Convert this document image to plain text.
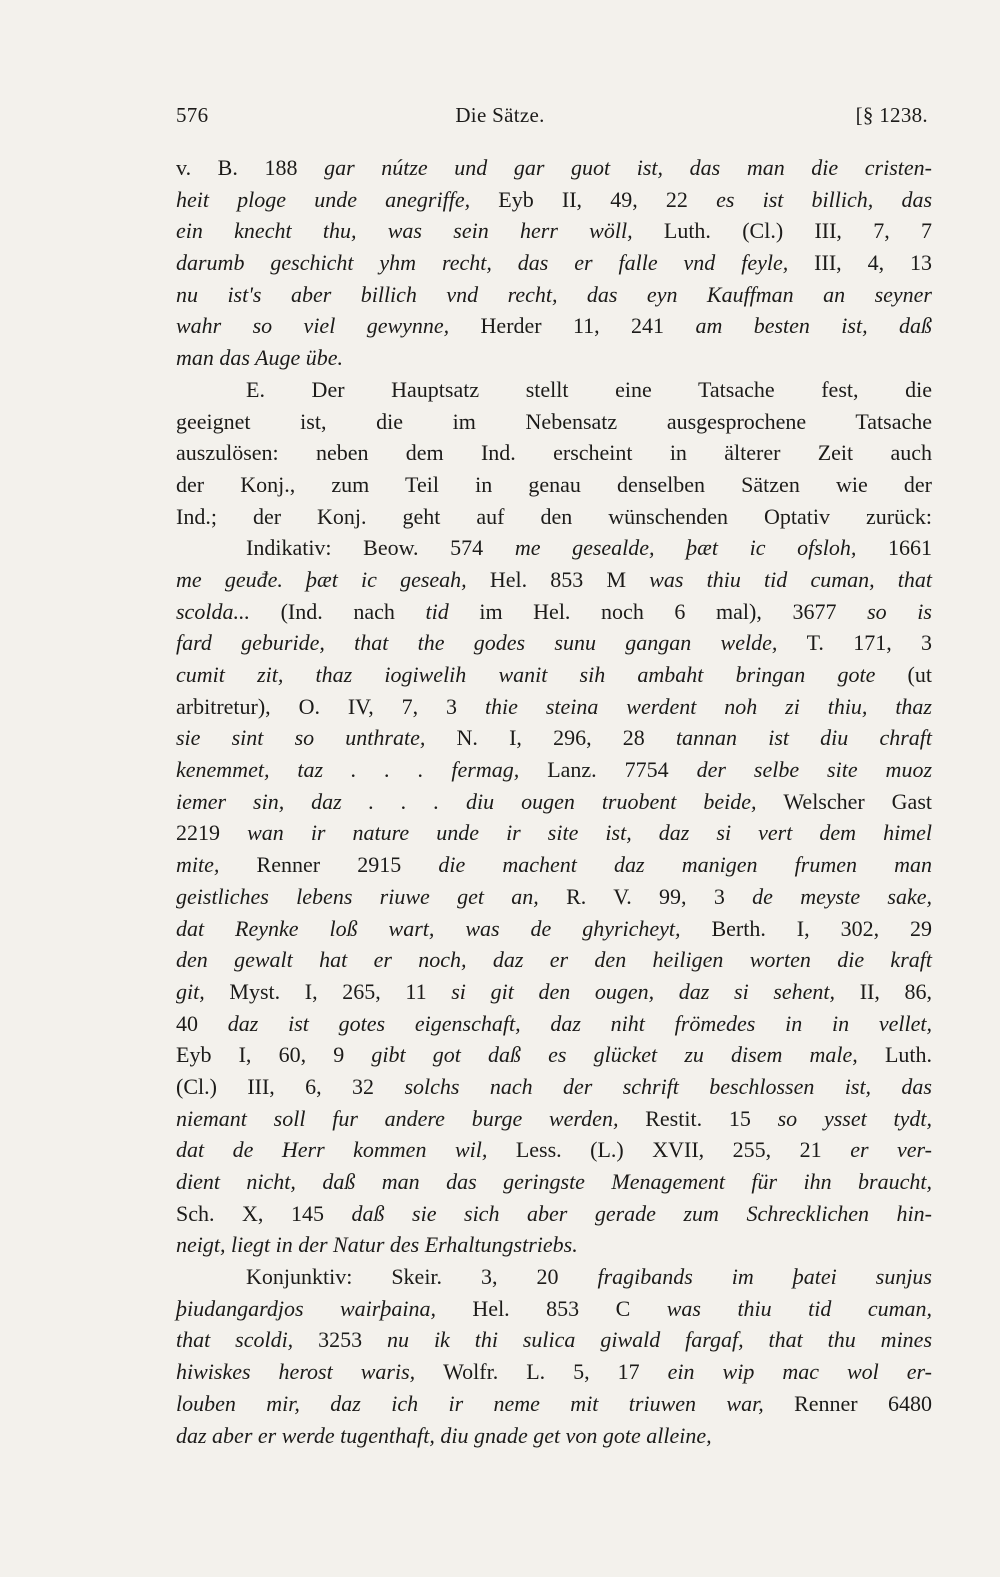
576	Die Sätze.	[§ 1238.
v. B. 188 gar nútze und gar guot ist, das man die cristen-
heit ploge unde anegriffe, Eyb II, 49, 22 es ist billich, das
ein knecht thu, was sein herr wöll, Luth. (Cl.) III, 7, 7
darumb geschicht yhm recht, das er falle vnd feyle, III, 4, 13
nu ist's aber billich vnd recht, das eyn Kauffman an seyner
wahr so viel gewynne, Herder 11, 241 am besten ist, daß
man das Auge übe.
E. Der Hauptsatz stellt eine Tatsache fest, die
geeignet ist, die im Nebensatz ausgesprochene Tatsache
auszulösen: neben dem Ind. erscheint in älterer Zeit auch
der Konj., zum Teil in genau denselben Sätzen wie der
Ind.; der Konj. geht auf den wünschenden Optativ zurück:
Indikativ: Beow. 574 me gesealde, þæt ic ofsloh, 1661
me geuđe. þæt ic geseah, Hel. 853 M was thiu tid cuman, that
scolda... (Ind. nach tid im Hel. noch 6 mal), 3677 so is
fard geburide, that the godes sunu gangan welde, T. 171, 3
cumit zit, thaz iogiwelih wanit sih ambaht bringan gote (ut
arbitretur), O. IV, 7, 3 thie steina werdent noh zi thiu, thaz
sie sint so unthrate, N. I, 296, 28 tannan ist diu chraft
kenemmet, taz . . . fermag, Lanz. 7754 der selbe site muoz
iemer sin, daz . . . diu ougen truobent beide, Welscher Gast
2219 wan ir nature unde ir site ist, daz si vert dem himel
mite, Renner 2915 die machent daz manigen frumen man
geistliches lebens riuwe get an, R. V. 99, 3 de meyste sake,
dat Reynke loß wart, was de ghyricheyt, Berth. I, 302, 29
den gewalt hat er noch, daz er den heiligen worten die kraft
git, Myst. I, 265, 11 si git den ougen, daz si sehent, II, 86,
40 daz ist gotes eigenschaft, daz niht frömedes in in vellet,
Eyb I, 60, 9 gibt got daß es glücket zu disem male, Luth.
(Cl.) III, 6, 32 solchs nach der schrift beschlossen ist, das
niemant soll fur andere burge werden, Restit. 15 so ysset tydt,
dat de Herr kommen wil, Less. (L.) XVII, 255, 21 er ver-
dient nicht, daß man das geringste Menagement für ihn braucht,
Sch. X, 145 daß sie sich aber gerade zum Schrecklichen hin-
neigt, liegt in der Natur des Erhaltungstriebs.
Konjunktiv: Skeir. 3, 20 fragibands im þatei sunjus
þiudangardjos wairþaina, Hel. 853 C was thiu tid cuman,
that scoldi, 3253 nu ik thi sulica giwald fargaf, that thu mines
hiwiskes herost waris, Wolfr. L. 5, 17 ein wip mac wol er-
louben mir, daz ich ir neme mit triuwen war, Renner 6480
daz aber er werde tugenthaft, diu gnade get von gote alleine,
